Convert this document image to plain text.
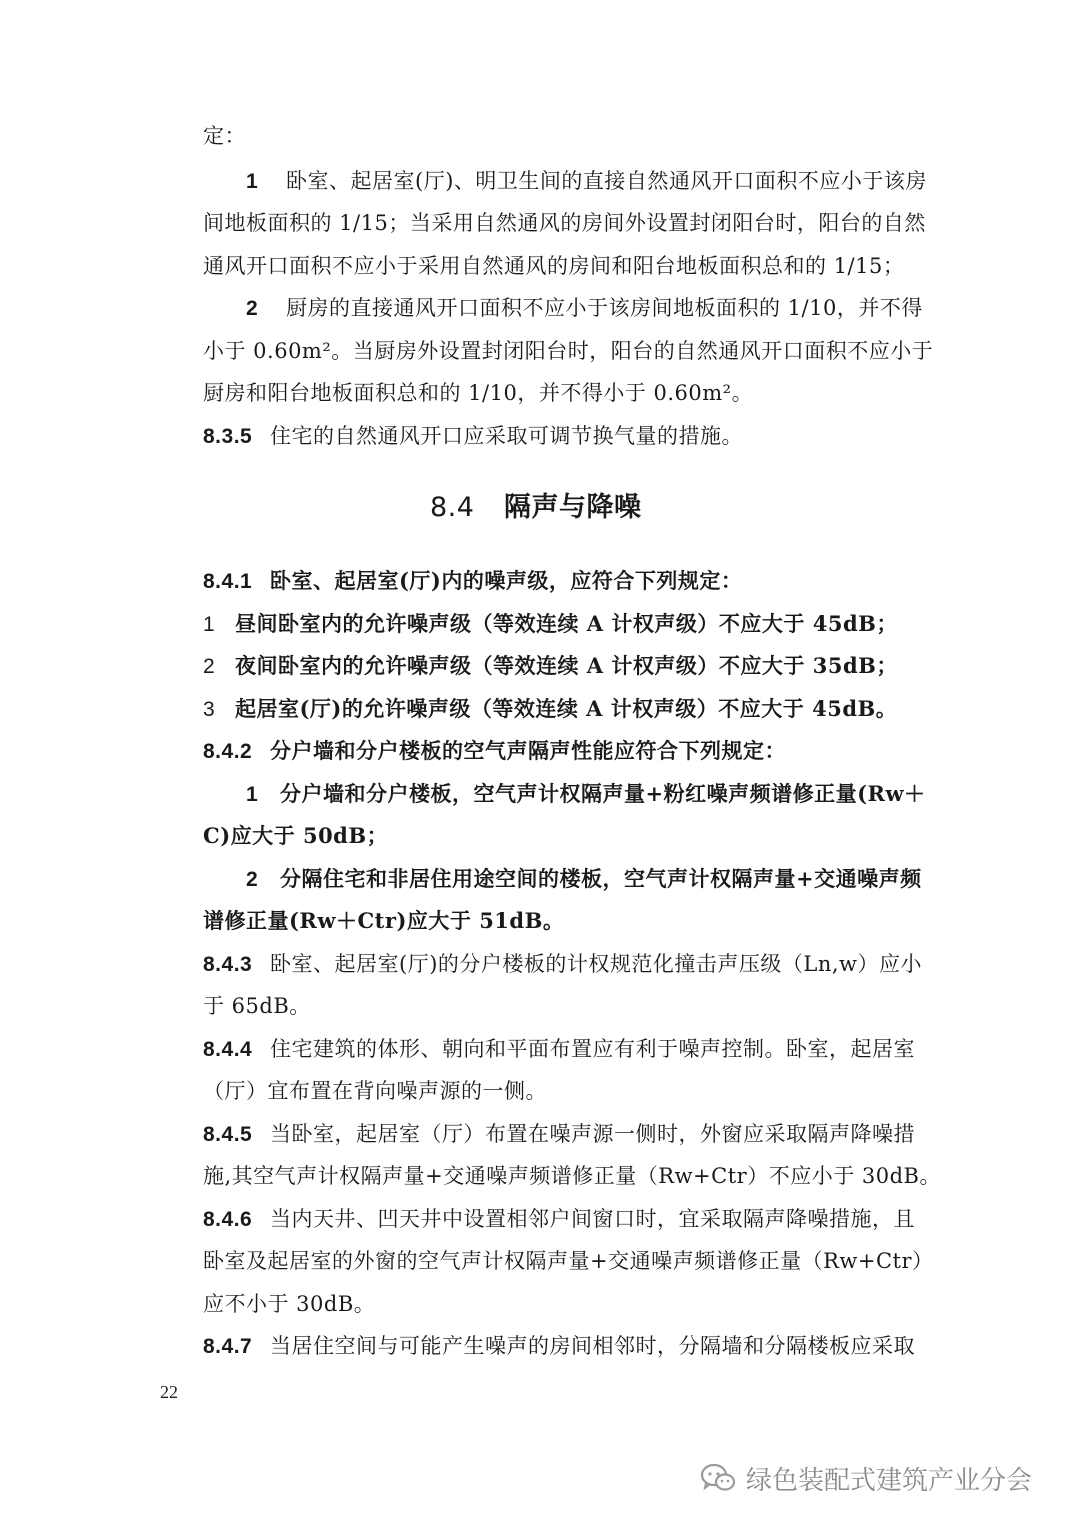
定：
1 卧室、起居室(厅)、明卫生间的直接自然通风开口面积不应小于该房
间地板面积的 1/15；当采用自然通风的房间外设置封闭阳台时，阳台的自然
通风开口面积不应小于采用自然通风的房间和阳台地板面积总和的 1/15；
2 厨房的直接通风开口面积不应小于该房间地板面积的 1/10，并不得
小于 0.60m²。当厨房外设置封闭阳台时，阳台的自然通风开口面积不应小于
厨房和阳台地板面积总和的 1/10，并不得小于 0.60m²。
8.3.5 住宅的自然通风开口应采取可调节换气量的措施。
8.4 隔声与降噪
8.4.1 卧室、起居室(厅)内的噪声级，应符合下列规定：
1 昼间卧室内的允许噪声级（等效连续 A 计权声级）不应大于 45dB；
2 夜间卧室内的允许噪声级（等效连续 A 计权声级）不应大于 35dB；
3 起居室(厅)的允许噪声级（等效连续 A 计权声级）不应大于 45dB。
8.4.2 分户墙和分户楼板的空气声隔声性能应符合下列规定：
1 分户墙和分户楼板，空气声计权隔声量+粉红噪声频谱修正量(Rw＋
C)应大于 50dB；
2 分隔住宅和非居住用途空间的楼板，空气声计权隔声量+交通噪声频
谱修正量(Rw＋Ctr)应大于 51dB。
8.4.3 卧室、起居室(厅)的分户楼板的计权规范化撞击声压级（Ln,w）应小
于 65dB。
8.4.4 住宅建筑的体形、朝向和平面布置应有利于噪声控制。卧室，起居室
（厅）宜布置在背向噪声源的一侧。
8.4.5 当卧室，起居室（厅）布置在噪声源一侧时，外窗应采取隔声降噪措
施,其空气声计权隔声量+交通噪声频谱修正量（Rw+Ctr）不应小于 30dB。
8.4.6 当内天井、凹天井中设置相邻户间窗口时，宜采取隔声降噪措施，且
卧室及起居室的外窗的空气声计权隔声量+交通噪声频谱修正量（Rw+Ctr）
应不小于 30dB。
8.4.7 当居住空间与可能产生噪声的房间相邻时，分隔墙和分隔楼板应采取
22
绿色装配式建筑产业分会
